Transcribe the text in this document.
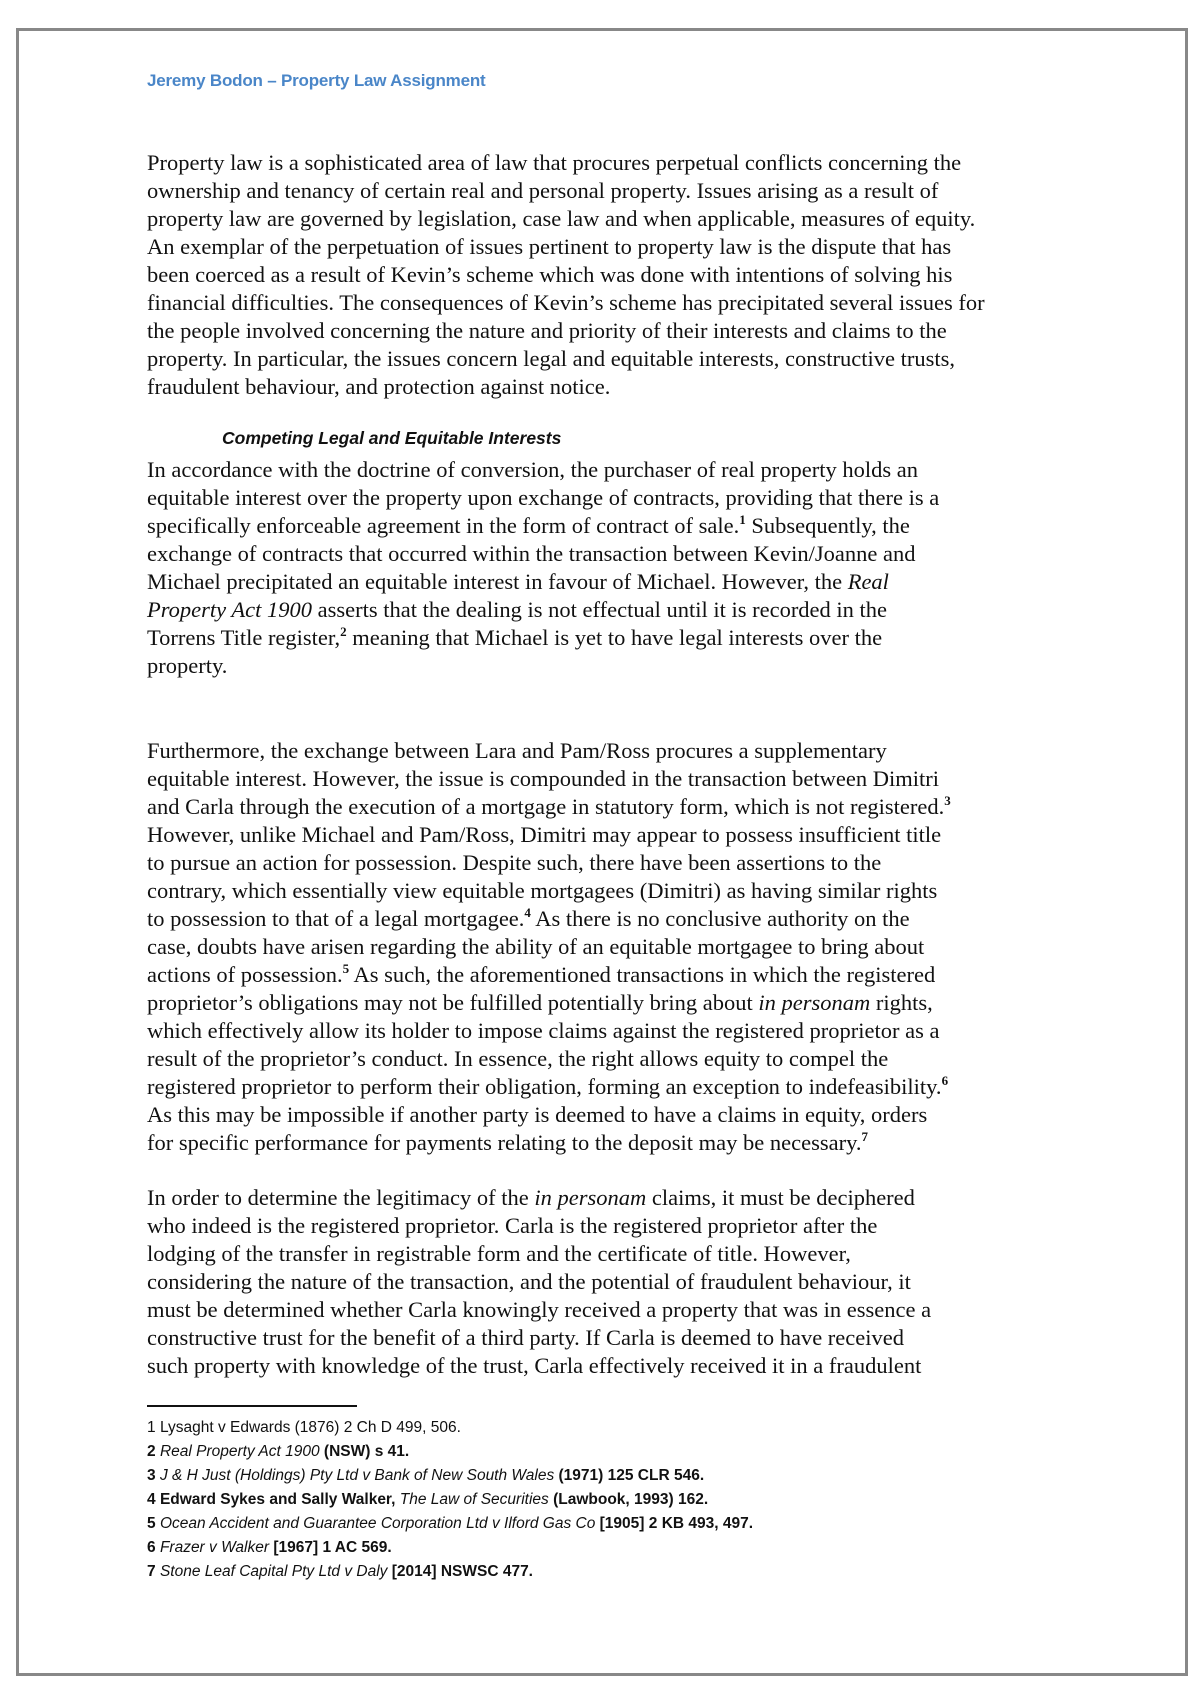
Jeremy Bodon – Property Law Assignment
Property law is a sophisticated area of law that procures perpetual conflicts concerning the
ownership and tenancy of certain real and personal property. Issues arising as a result of
property law are governed by legislation, case law and when applicable, measures of equity.
An exemplar of the perpetuation of issues pertinent to property law is the dispute that has
been coerced as a result of Kevin’s scheme which was done with intentions of solving his
financial difficulties. The consequences of Kevin’s scheme has precipitated several issues for
the people involved concerning the nature and priority of their interests and claims to the
property. In particular, the issues concern legal and equitable interests, constructive trusts,
fraudulent behaviour, and protection against notice.
Competing Legal and Equitable Interests
In accordance with the doctrine of conversion, the purchaser of real property holds an
equitable interest over the property upon exchange of contracts, providing that there is a
specifically enforceable agreement in the form of contract of sale.$^1$ Subsequently, the
exchange of contracts that occurred within the transaction between Kevin/Joanne and
Michael precipitated an equitable interest in favour of Michael. However, the Real
Property Act 1900 asserts that the dealing is not effectual until it is recorded in the
Torrens Title register,$^2$ meaning that Michael is yet to have legal interests over the
property.
Furthermore, the exchange between Lara and Pam/Ross procures a supplementary
equitable interest. However, the issue is compounded in the transaction between Dimitri
and Carla through the execution of a mortgage in statutory form, which is not registered.$^3$
However, unlike Michael and Pam/Ross, Dimitri may appear to possess insufficient title
to pursue an action for possession. Despite such, there have been assertions to the
contrary, which essentially view equitable mortgagees (Dimitri) as having similar rights
to possession to that of a legal mortgagee.$^4$ As there is no conclusive authority on the
case, doubts have arisen regarding the ability of an equitable mortgagee to bring about
actions of possession.$^5$ As such, the aforementioned transactions in which the registered
proprietor’s obligations may not be fulfilled potentially bring about in personam rights,
which effectively allow its holder to impose claims against the registered proprietor as a
result of the proprietor’s conduct. In essence, the right allows equity to compel the
registered proprietor to perform their obligation, forming an exception to indefeasibility.$^6$
As this may be impossible if another party is deemed to have a claims in equity, orders
for specific performance for payments relating to the deposit may be necessary.$^7$
In order to determine the legitimacy of the in personam claims, it must be deciphered
who indeed is the registered proprietor. Carla is the registered proprietor after the
lodging of the transfer in registrable form and the certificate of title. However,
considering the nature of the transaction, and the potential of fraudulent behaviour, it
must be determined whether Carla knowingly received a property that was in essence a
constructive trust for the benefit of a third party. If Carla is deemed to have received
such property with knowledge of the trust, Carla effectively received it in a fraudulent
1 Lysaght v Edwards (1876) 2 Ch D 499, 506.
2 Real Property Act 1900 (NSW) s 41.
3 J & H Just (Holdings) Pty Ltd v Bank of New South Wales (1971) 125 CLR 546.
4 Edward Sykes and Sally Walker, The Law of Securities (Lawbook, 1993) 162.
5 Ocean Accident and Guarantee Corporation Ltd v Ilford Gas Co [1905] 2 KB 493, 497.
6 Frazer v Walker [1967] 1 AC 569.
7 Stone Leaf Capital Pty Ltd v Daly [2014] NSWSC 477.
